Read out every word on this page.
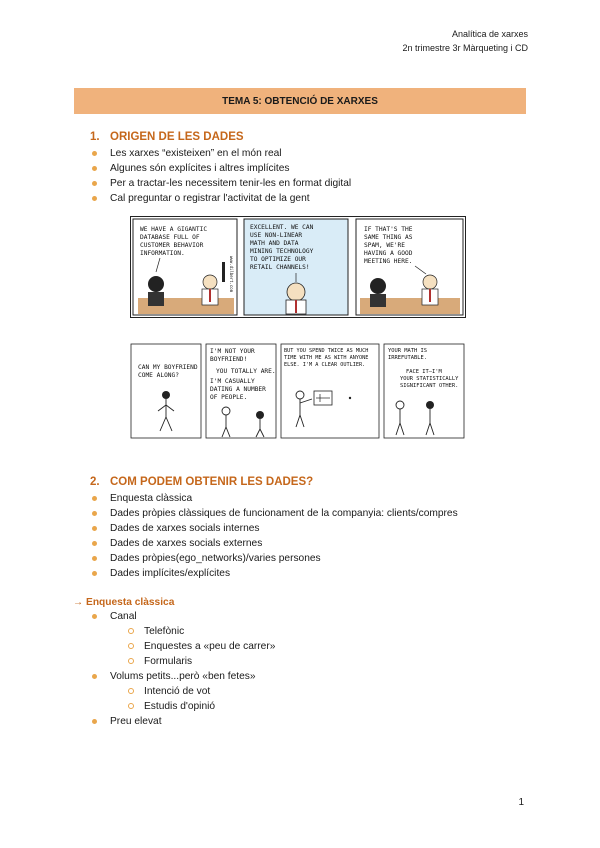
Analítica de xarxes
2n trimestre 3r Màrqueting i CD
TEMA 5: OBTENCIÓ DE XARXES
1. ORIGEN DE LES DADES
Les xarxes “existeixen” en el món real
Algunes són explícites i altres implícites
Per a tractar-les necessitem tenir-les en format digital
Cal preguntar o registrar l'activitat de la gent
WE HAVE A GIGANTIC DATABASE FULL OF CUSTOMER BEHAVIOR INFORMATION.
www.dilbert.com
EXCELLENT. WE CAN USE NON-LINEAR MATH AND DATA MINING TECHNOLOGY TO OPTIMIZE OUR RETAIL CHANNELS!
IF THAT'S THE SAME THING AS SPAM, WE'RE HAVING A GOOD MEETING HERE.
CAN MY BOYFRIEND COME ALONG?
I'M NOT YOUR BOYFRIEND! YOU TOTALLY ARE. I'M CASUALLY DATING A NUMBER OF PEOPLE.
BUT YOU SPEND TWICE AS MUCH TIME WITH ME AS WITH ANYONE ELSE. I'M A CLEAR OUTLIER.
YOUR MATH IS IRREFUTABLE. FACE IT—I'M YOUR STATISTICALLY SIGNIFICANT OTHER.
2. COM PODEM OBTENIR LES DADES?
Enquesta clàssica
Dades pròpies clàssiques de funcionament de la companyia: clients/compres
Dades de xarxes socials internes
Dades de xarxes socials externes
Dades pròpies(ego_networks)/varies persones
Dades implícites/explícites
→ Enquesta clàssica
Canal
Telefònic
Enquestes a «peu de carrer»
Formularis
Volums petits...però «ben fetes»
Intenció de vot
Estudis d'opinió
Preu elevat
1
